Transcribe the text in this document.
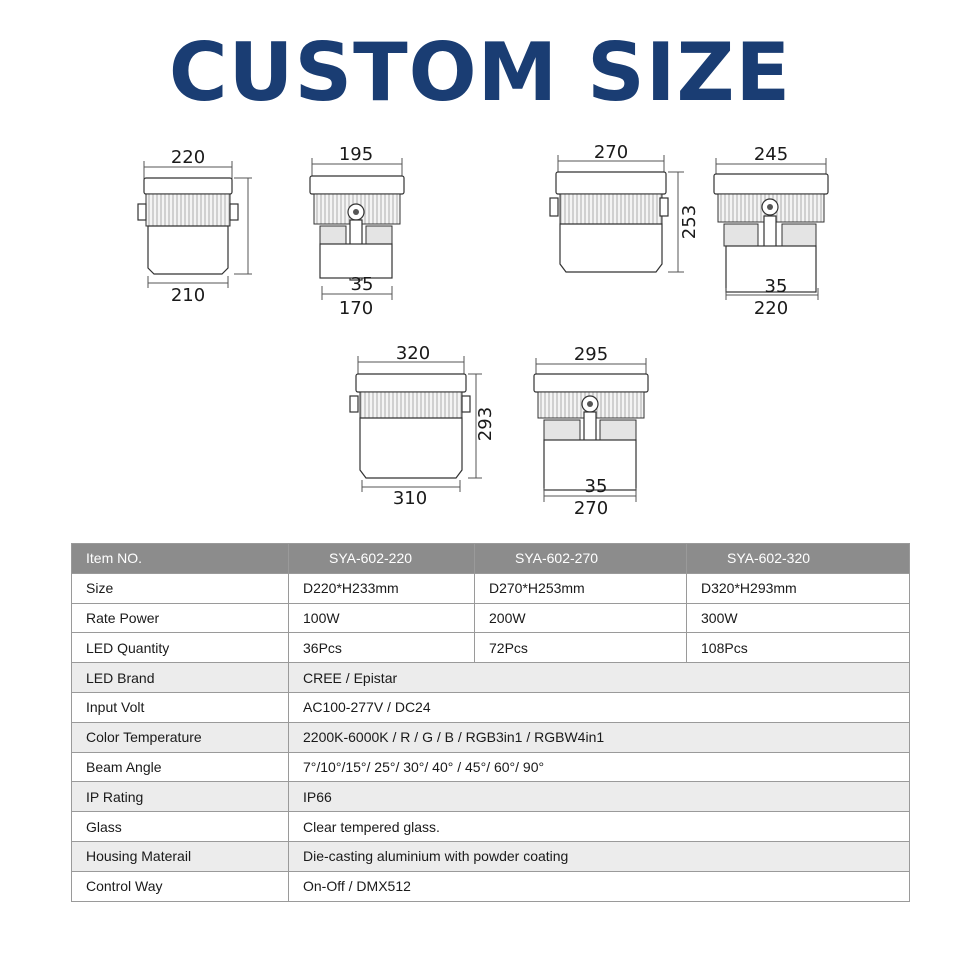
CUSTOM SIZE
220
210
195
35
170
270
253
245
35
220
320
293
310
295
35
270
Item NO.	SYA-602-220	SYA-602-270	SYA-602-320
Size	D220*H233mm	D270*H253mm	D320*H293mm
Rate Power	100W	200W	300W
LED Quantity	36Pcs	72Pcs	108Pcs
LED Brand	CREE / Epistar		
Input Volt	AC100-277V / DC24		
Color Temperature	2200K-6000K / R / G / B / RGB3in1 / RGBW4in1		
Beam Angle	7°/10°/15°/ 25°/ 30°/ 40° / 45°/ 60°/ 90°		
IP Rating	IP66		
Glass	Clear tempered glass.		
Housing Materail	Die-casting aluminium with powder coating		
Control Way	On-Off / DMX512		
